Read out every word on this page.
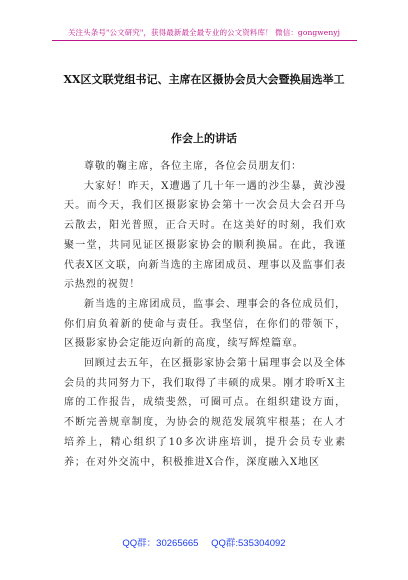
关注头条号"公文研究"，获得最新最全最专业的公文资料库！ 微信：gongwenyj
XX区文联党组书记、主席在区摄协会员大会暨换届选举工
作会上的讲话

尊敬的鞠主席，各位主席，各位会员朋友们：

大家好！昨天，X遭遇了几十年一遇的沙尘暴，黄沙漫天。而今天，我们区摄影家协会第十一次会员大会召开乌云散去，阳光普照，正合天时。在这美好的时刻，我们欢聚一堂，共同见证区摄影家协会的顺利换届。在此，我谨代表X区文联，向新当选的主席团成员、理事以及监事们表示热烈的祝贺！

新当选的主席团成员，监事会、理事会的各位成员们，你们肩负着新的使命与责任。我坚信，在你们的带领下，区摄影家协会定能迈向新的高度，续写辉煌篇章。

回顾过去五年，在区摄影家协会第十届理事会以及全体会员的共同努力下，我们取得了丰硕的成果。刚才聆听X主席的工作报告，成绩斐然，可圈可点。在组织建设方面，不断完善规章制度，为协会的规范发展筑牢根基；在人才培养上，精心组织了10多次讲座培训，提升会员专业素养；在对外交流中，积极推进X合作，深度融入X地区

QQ群：30265665 QQ群:535304092
